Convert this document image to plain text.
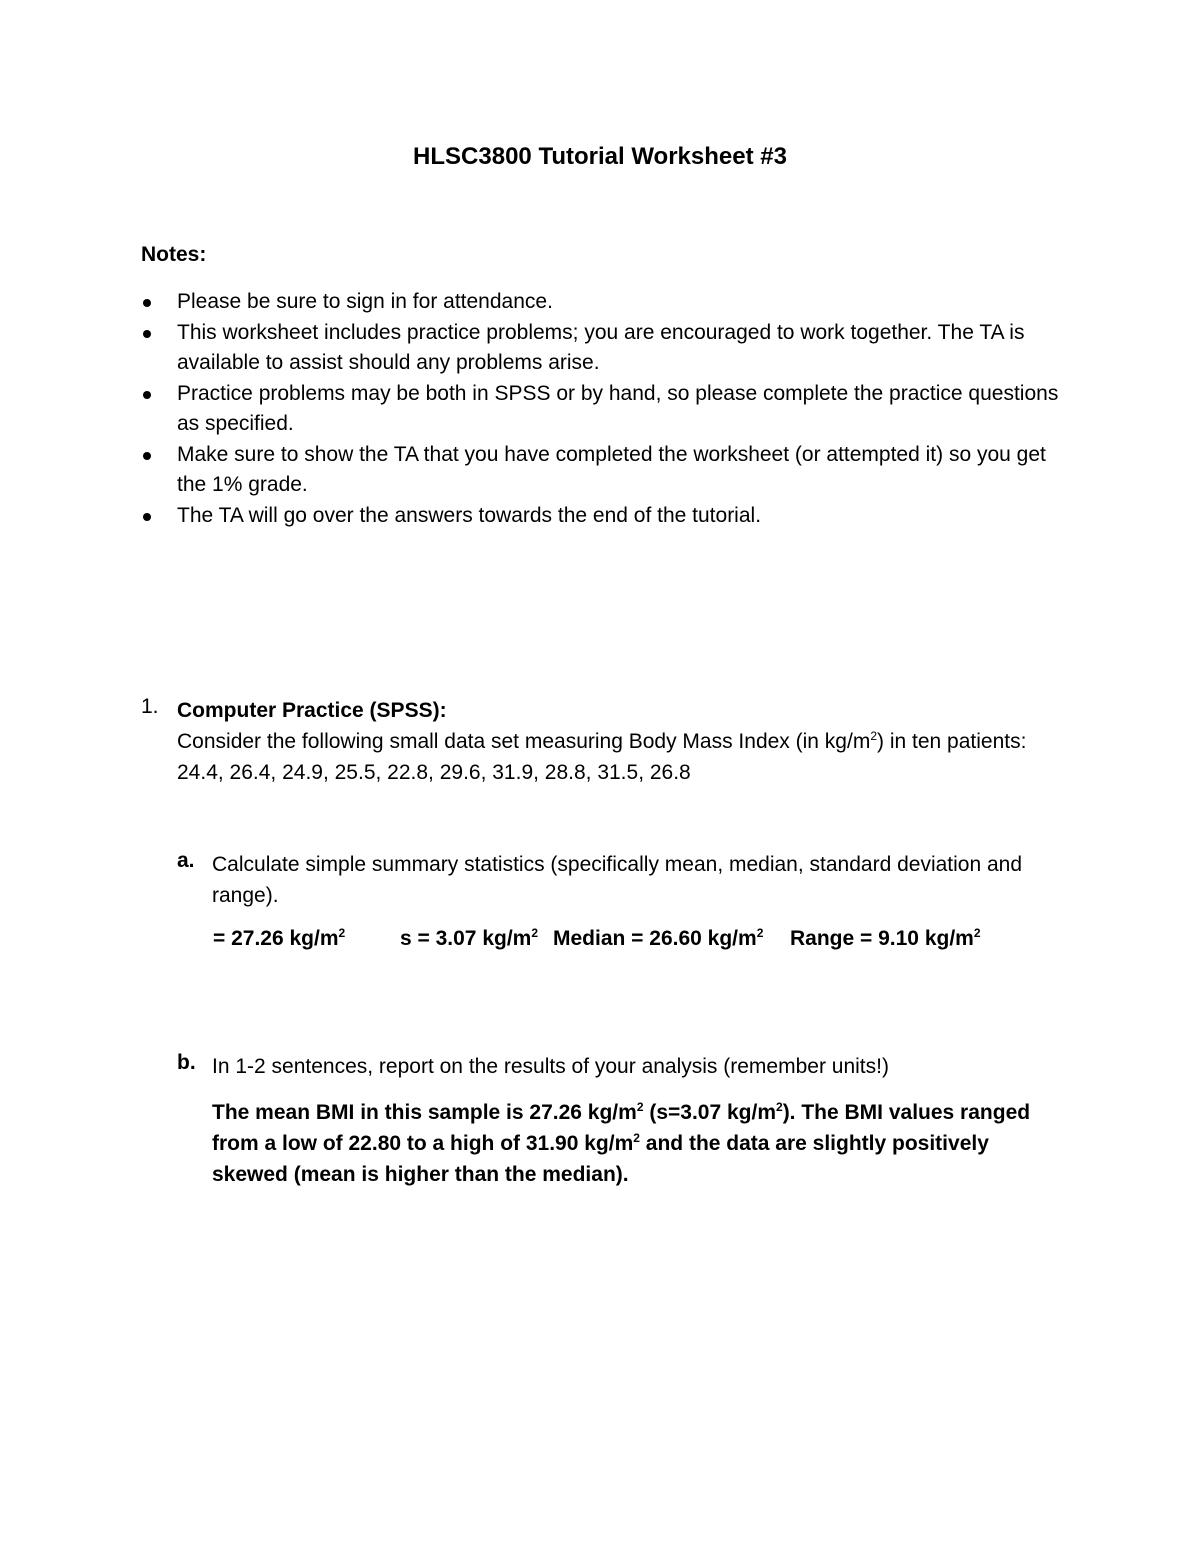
HLSC3800 Tutorial Worksheet #3
Notes:
Please be sure to sign in for attendance.
This worksheet includes practice problems; you are encouraged to work together. The TA is available to assist should any problems arise.
Practice problems may be both in SPSS or by hand, so please complete the practice questions as specified.
Make sure to show the TA that you have completed the worksheet (or attempted it) so you get the 1% grade.
The TA will go over the answers towards the end of the tutorial.
1. Computer Practice (SPSS):
Consider the following small data set measuring Body Mass Index (in $kg/m^2$) in ten patients:
24.4, 26.4, 24.9, 25.5, 22.8, 29.6, 31.9, 28.8, 31.5, 26.8
a. Calculate simple summary statistics (specifically mean, median, standard deviation and range).
= 27.26 $kg/m^2$	s = 3.07 $kg/m^2$ Median = 26.60 $kg/m^2$ Range = 9.10 $kg/m^2$
b. In 1-2 sentences, report on the results of your analysis (remember units!)
The mean BMI in this sample is 27.26 $kg/m^2$ (s=3.07 $kg/m^2$). The BMI values ranged from a low of 22.80 to a high of 31.90 $kg/m^2$ and the data are slightly positively skewed (mean is higher than the median).
